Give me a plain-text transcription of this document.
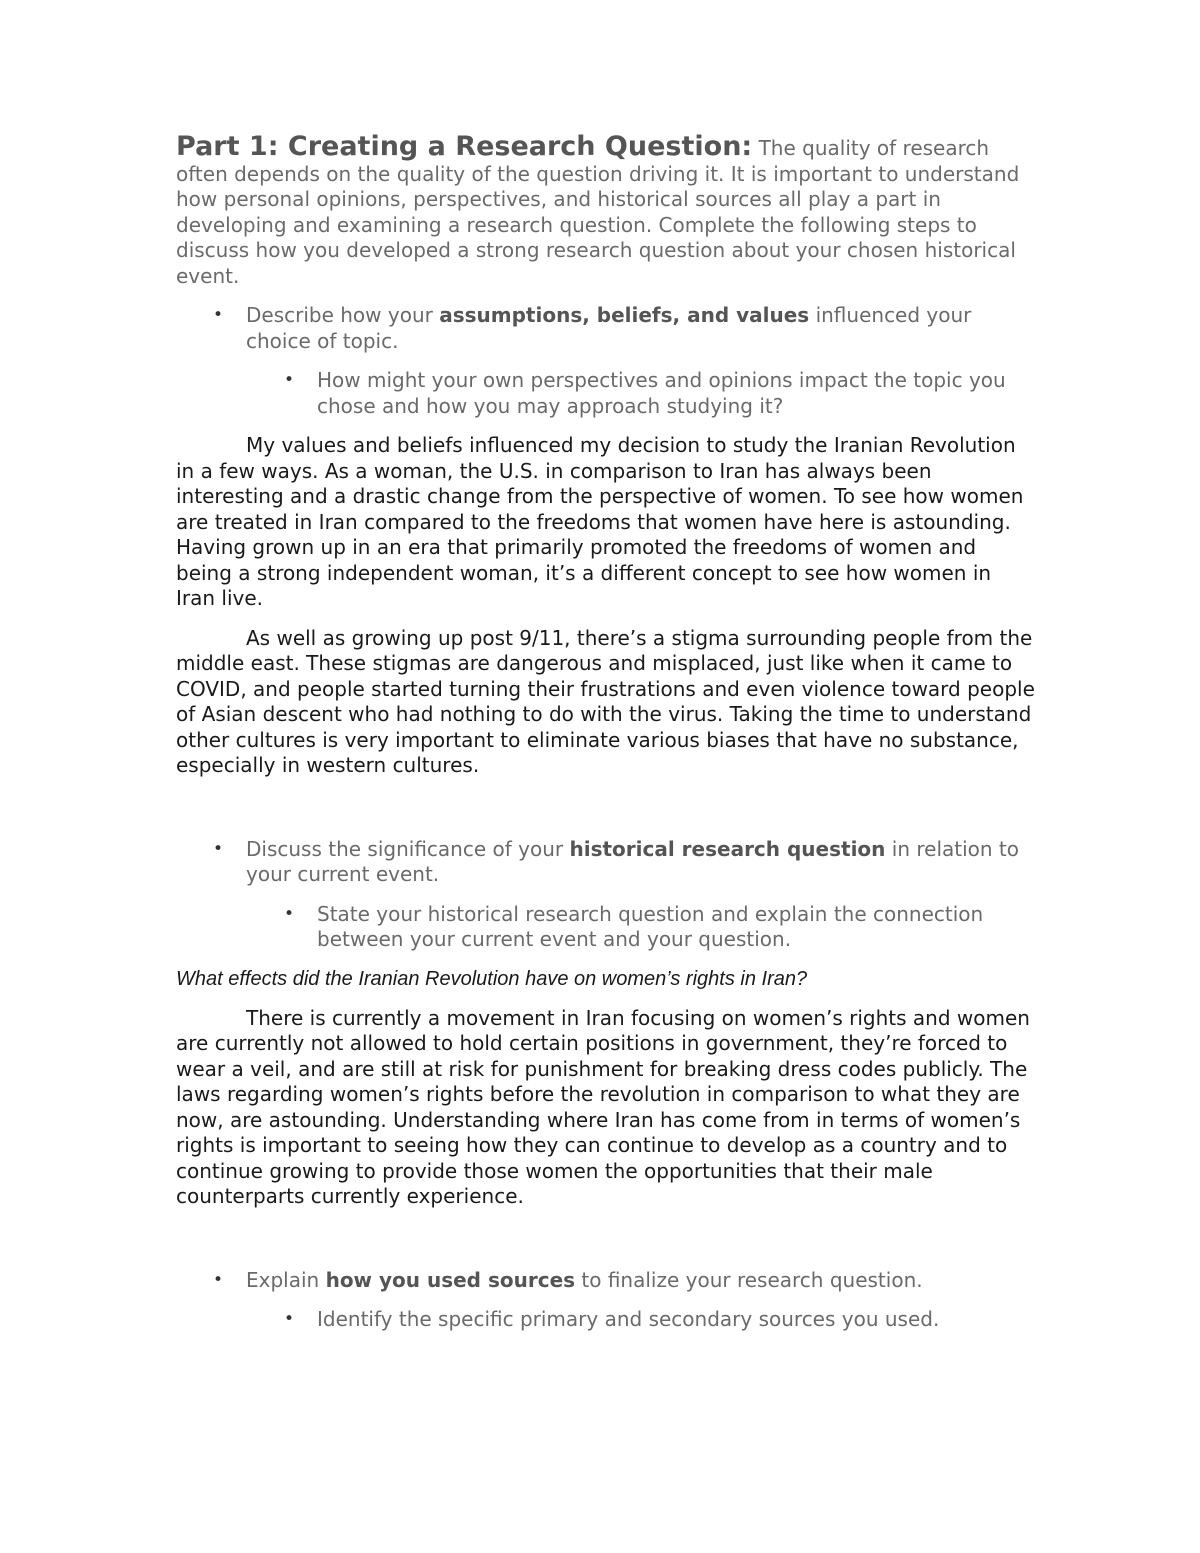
Part 1: Creating a Research Question: The quality of research often depends on the quality of the question driving it. It is important to understand how personal opinions, perspectives, and historical sources all play a part in developing and examining a research question. Complete the following steps to discuss how you developed a strong research question about your chosen historical event.

• Describe how your assumptions, beliefs, and values influenced your choice of topic.
• How might your own perspectives and opinions impact the topic you chose and how you may approach studying it?

My values and beliefs influenced my decision to study the Iranian Revolution in a few ways. As a woman, the U.S. in comparison to Iran has always been interesting and a drastic change from the perspective of women. To see how women are treated in Iran compared to the freedoms that women have here is astounding. Having grown up in an era that primarily promoted the freedoms of women and being a strong independent woman, it’s a different concept to see how women in Iran live.

As well as growing up post 9/11, there’s a stigma surrounding people from the middle east. These stigmas are dangerous and misplaced, just like when it came to COVID, and people started turning their frustrations and even violence toward people of Asian descent who had nothing to do with the virus. Taking the time to understand other cultures is very important to eliminate various biases that have no substance, especially in western cultures.

• Discuss the significance of your historical research question in relation to your current event.
• State your historical research question and explain the connection between your current event and your question.

What effects did the Iranian Revolution have on women’s rights in Iran?

There is currently a movement in Iran focusing on women’s rights and women are currently not allowed to hold certain positions in government, they’re forced to wear a veil, and are still at risk for punishment for breaking dress codes publicly. The laws regarding women’s rights before the revolution in comparison to what they are now, are astounding. Understanding where Iran has come from in terms of women’s rights is important to seeing how they can continue to develop as a country and to continue growing to provide those women the opportunities that their male counterparts currently experience.

• Explain how you used sources to finalize your research question.
• Identify the specific primary and secondary sources you used.
